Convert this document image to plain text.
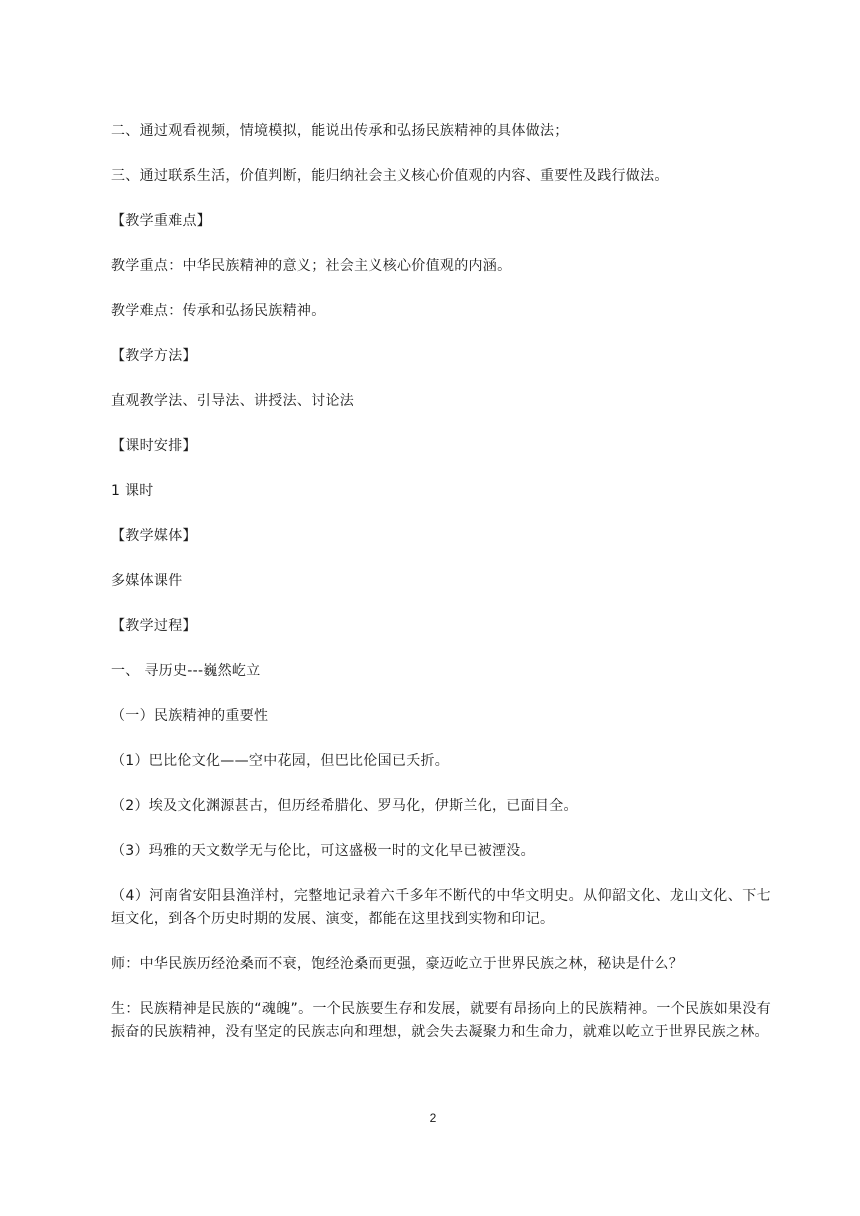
二、通过观看视频，情境模拟，能说出传承和弘扬民族精神的具体做法；

三、通过联系生活，价值判断，能归纳社会主义核心价值观的内容、重要性及践行做法。

【教学重难点】

教学重点：中华民族精神的意义；社会主义核心价值观的内涵。

教学难点：传承和弘扬民族精神。

【教学方法】

直观教学法、引导法、讲授法、讨论法

【课时安排】

1 课时

【教学媒体】

多媒体课件

【教学过程】

一、 寻历史---巍然屹立

（一）民族精神的重要性

（1）巴比伦文化——空中花园，但巴比伦国已夭折。

（2）埃及文化渊源甚古，但历经希腊化、罗马化，伊斯兰化，已面目全。

（3）玛雅的天文数学无与伦比，可这盛极一时的文化早已被湮没。

（4）河南省安阳县渔洋村，完整地记录着六千多年不断代的中华文明史。从仰韶文化、龙山文化、下七垣文化，到各个历史时期的发展、演变，都能在这里找到实物和印记。

师：中华民族历经沧桑而不衰，饱经沧桑而更强，豪迈屹立于世界民族之林，秘诀是什么？

生：民族精神是民族的“魂魄”。一个民族要生存和发展，就要有昂扬向上的民族精神。一个民族如果没有振奋的民族精神，没有坚定的民族志向和理想，就会失去凝聚力和生命力，就难以屹立于世界民族之林。

2
